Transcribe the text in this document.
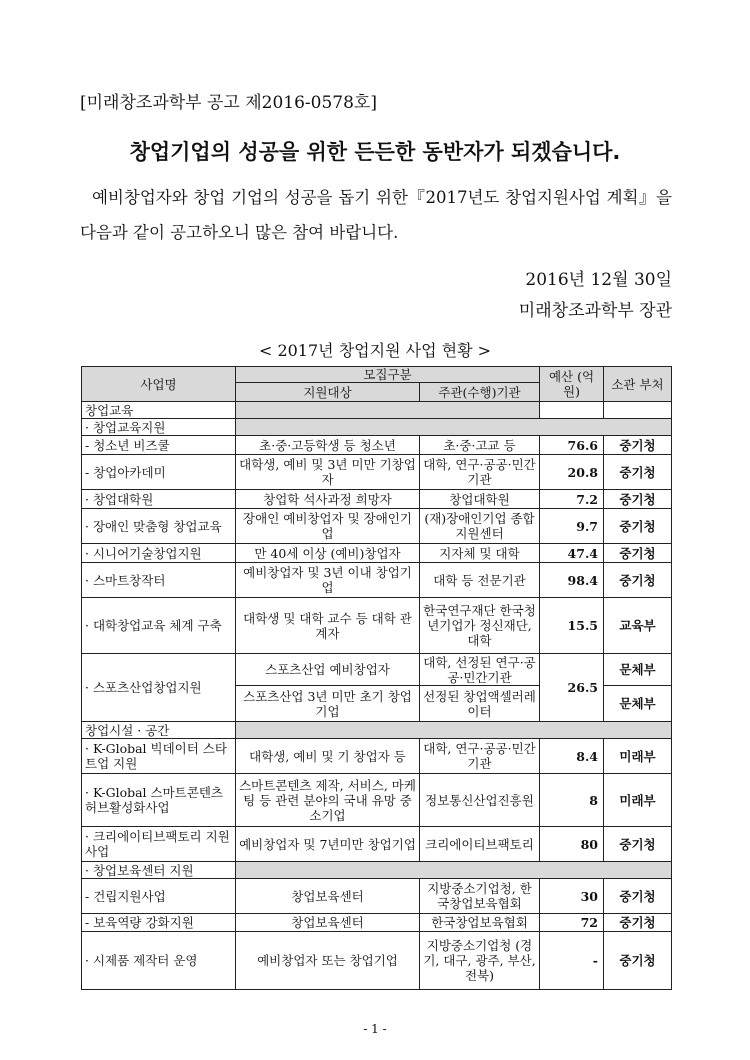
[미래창조과학부 공고 제2016-0578호]
창업기업의 성공을 위한 든든한 동반자가 되겠습니다.
예비창업자와 창업 기업의 성공을 돕기 위한『2017년도 창업지원사업 계획』을 다음과 같이 공고하오니 많은 참여 바랍니다.
2016년 12월 30일
미래창조과학부 장관
< 2017년 창업지원 사업 현황 >
사업명	모집구분		예산 (억원)	소관 부처
	지원대상	주관(수행)기관		
창업교육				
· 창업교육지원				
- 청소년 비즈쿨	초·중·고등학생 등 청소년	초·중·고교 등	76.6	중기청
- 창업아카데미	대학생, 예비 및 3년 미만 기창업자	대학, 연구·공공·민간기관	20.8	중기청
· 창업대학원	창업학 석사과정 희망자	창업대학원	7.2	중기청
· 장애인 맞춤형 창업교육	장애인 예비창업자 및 장애인기업	(재)장애인기업 종합지원센터	9.7	중기청
· 시니어기술창업지원	만 40세 이상 (예비)창업자	지자체 및 대학	47.4	중기청
· 스마트창작터	예비창업자 및 3년 이내 창업기업	대학 등 전문기관	98.4	중기청
· 대학창업교육 체계 구축	대학생 및 대학 교수 등 대학 관계자	한국연구재단 한국청년기업가 정신재단, 대학	15.5	교육부
· 스포츠산업창업지원	스포츠산업 예비창업자	대학, 선정된 연구·공공·민간기관	26.5	문체부
	스포츠산업 3년 미만 초기 창업기업	선정된 창업액셀러레이터		문체부
창업시설 · 공간				
· K-Global 빅데이터 스타트업 지원	대학생, 예비 및 기 창업자 등	대학, 연구·공공·민간기관	8.4	미래부
· K-Global 스마트콘텐츠 허브활성화사업	스마트콘텐츠 제작, 서비스, 마케팅 등 관련 분야의 국내 유망 중소기업	정보통신산업진흥원	8	미래부
· 크리에이티브팩토리 지원사업	예비창업자 및 7년미만 창업기업	크리에이티브팩토리	80	중기청
· 창업보육센터 지원				
- 건립지원사업	창업보육센터	지방중소기업청, 한국창업보육협회	30	중기청
- 보육역량 강화지원	창업보육센터	한국창업보육협회	72	중기청
· 시제품 제작터 운영	예비창업자 또는 창업기업	지방중소기업청 (경기, 대구, 광주, 부산, 전북)	-	중기청
- 1 -
